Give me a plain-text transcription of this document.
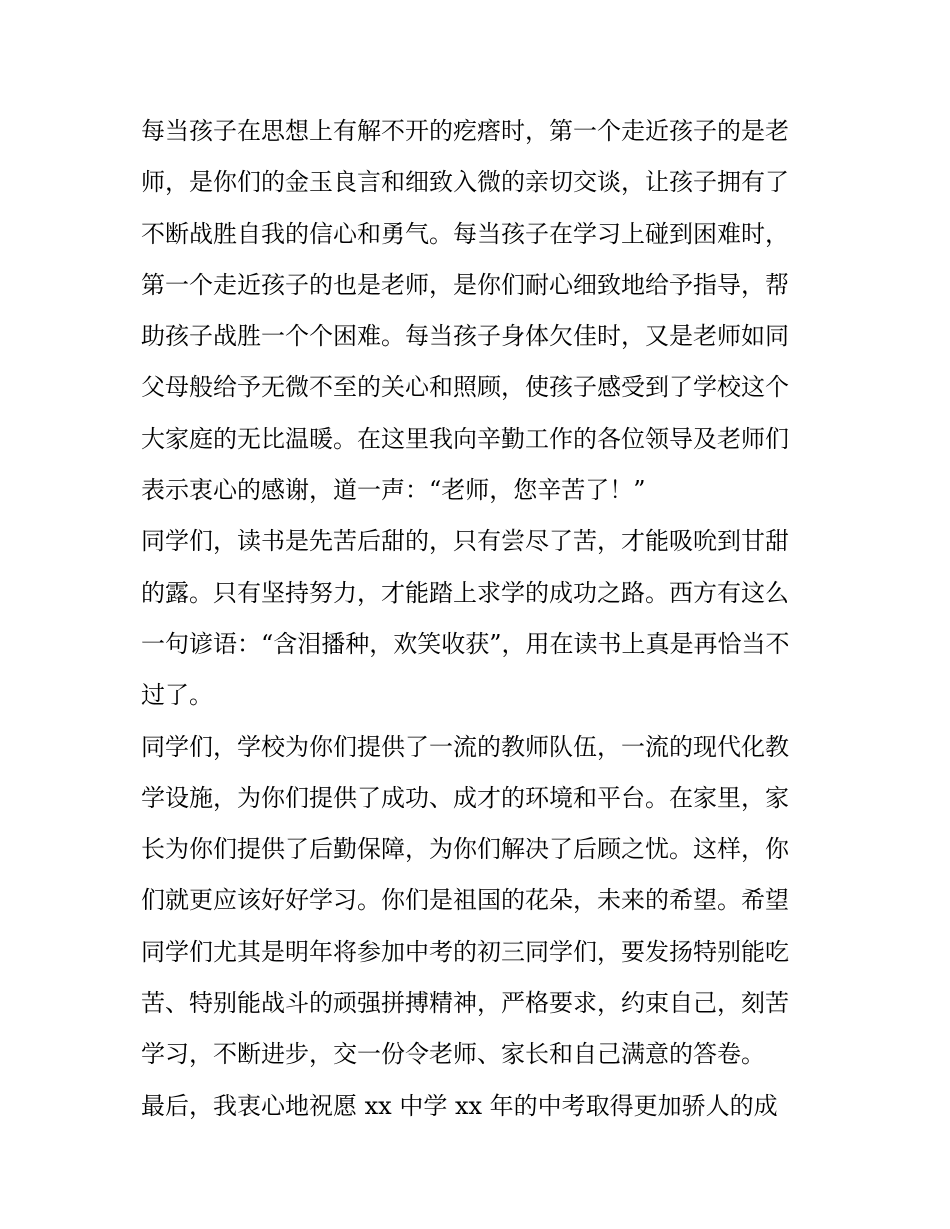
每当孩子在思想上有解不开的疙瘩时，第一个走近孩子的是老
师，是你们的金玉良言和细致入微的亲切交谈，让孩子拥有了
不断战胜自我的信心和勇气。每当孩子在学习上碰到困难时，
第一个走近孩子的也是老师，是你们耐心细致地给予指导，帮
助孩子战胜一个个困难。每当孩子身体欠佳时，又是老师如同
父母般给予无微不至的关心和照顾，使孩子感受到了学校这个
大家庭的无比温暖。在这里我向辛勤工作的各位领导及老师们
表示衷心的感谢，道一声：“老师，您辛苦了！”
同学们，读书是先苦后甜的，只有尝尽了苦，才能吸吮到甘甜
的露。只有坚持努力，才能踏上求学的成功之路。西方有这么
一句谚语：“含泪播种，欢笑收获”，用在读书上真是再恰当不
过了。
同学们，学校为你们提供了一流的教师队伍，一流的现代化教
学设施，为你们提供了成功、成才的环境和平台。在家里，家
长为你们提供了后勤保障，为你们解决了后顾之忧。这样，你
们就更应该好好学习。你们是祖国的花朵，未来的希望。希望
同学们尤其是明年将参加中考的初三同学们，要发扬特别能吃
苦、特别能战斗的顽强拼搏精神，严格要求，约束自己，刻苦
学习，不断进步，交一份令老师、家长和自己满意的答卷。
最后，我衷心地祝愿 xx 中学 xx 年的中考取得更加骄人的成
